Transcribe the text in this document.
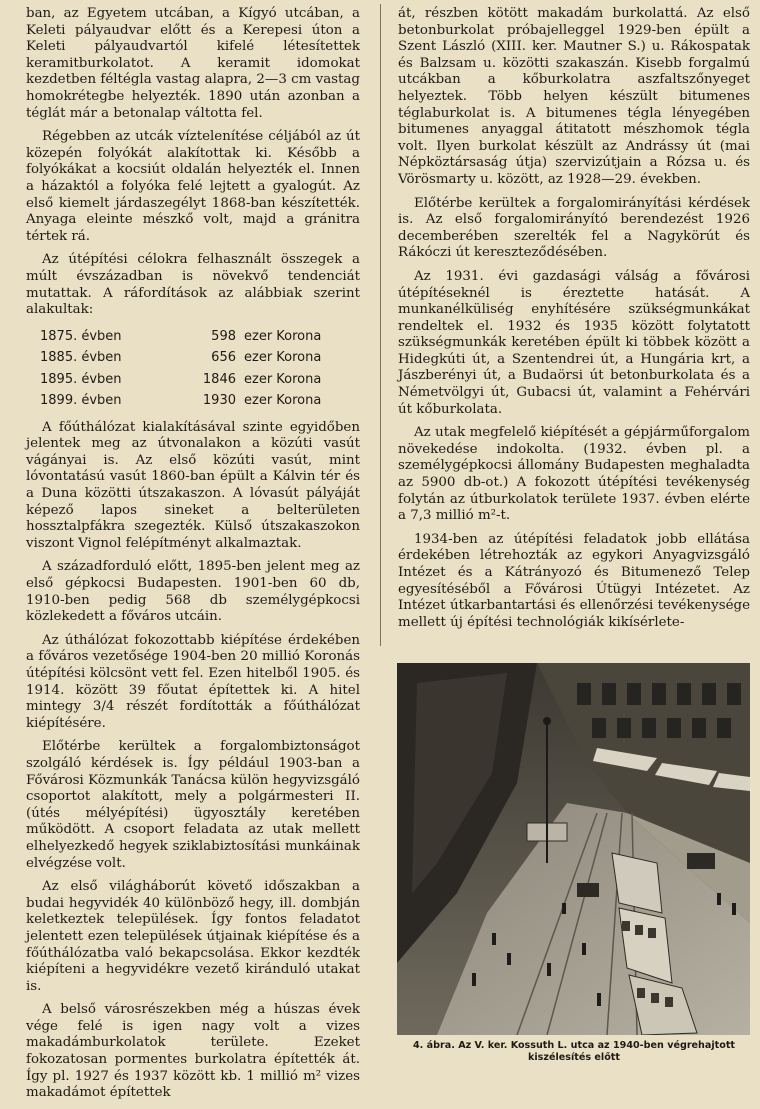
ban, az Egyetem utcában, a Kígyó utcában, a Keleti pályaudvar előtt és a Kerepesi úton a Keleti pályaudvartól kifelé létesítettek keramitburkolatot. A keramit idomokat kezdetben féltégla vastag alapra, 2—3 cm vastag homokrétegbe helyezték. 1890 után azonban a téglát már a betonalap váltotta fel.

Régebben az utcák víztelenítése céljából az út közepén folyókát alakítottak ki. Később a folyókákat a kocsiút oldalán helyezték el. Innen a házaktól a folyóka felé lejtett a gyalogút. Az első kiemelt járdaszegélyt 1868-ban készítették. Anyaga eleinte mészkő volt, majd a gránitra tértek rá.

Az útépítési célokra felhasznált összegek a múlt évszázadban is növekvő tendenciát mutattak. A ráfordítások az alábbiak szerint alakultak:

1875. évben	598	ezer Korona
1885. évben	656	ezer Korona
1895. évben	1846	ezer Korona
1899. évben	1930	ezer Korona

A főúthálózat kialakításával szinte egyidőben jelentek meg az útvonalakon a közúti vasút vágányai is. Az első közúti vasút, mint lóvontatású vasút 1860-ban épült a Kálvin tér és a Duna közötti útszakaszon. A lóvasút pályáját képező lapos sineket a belterületen hossztalpfákra szegezték. Külső útszakaszokon viszont Vignol felépítményt alkalmaztak.

A századforduló előtt, 1895-ben jelent meg az első gépkocsi Budapesten. 1901-ben 60 db, 1910-ben pedig 568 db személygépkocsi közlekedett a főváros utcáin.

Az úthálózat fokozottabb kiépítése érdekében a főváros vezetősége 1904-ben 20 millió Koronás útépítési kölcsönt vett fel. Ezen hitelből 1905. és 1914. között 39 főutat építettek ki. A hitel mintegy 3/4 részét fordították a főúthálózat kiépítésére.

Előtérbe kerültek a forgalombiztonságot szolgáló kérdések is. Így például 1903-ban a Fővárosi Közmunkák Tanácsa külön hegyvizsgáló csoportot alakított, mely a polgármesteri II. (útés mélyépítési) ügyosztály keretében működött. A csoport feladata az utak mellett elhelyezkedő hegyek sziklabiztosítási munkáinak elvégzése volt.

Az első világháborút követő időszakban a budai hegyvidék 40 különböző hegy, ill. dombján keletkeztek települések. Így fontos feladatot jelentett ezen települések útjainak kiépítése és a főúthálózatba való bekapcsolása. Ekkor kezdték kiépíteni a hegyvidékre vezető kiránduló utakat is.

A belső városrészekben még a húszas évek vége felé is igen nagy volt a vizes makadámburkolatok területe. Ezeket fokozatosan pormentes burkolatra építették át. Így pl. 1927 és 1937 között kb. 1 millió m² vizes makadámot építettek

át, részben kötött makadám burkolattá. Az első betonburkolat próbajelleggel 1929-ben épült a Szent László (XIII. ker. Mautner S.) u. Rákospatak és Balzsam u. közötti szakaszán. Kisebb forgalmú utcákban a kőburkolatra aszfaltszőnyeget helyeztek. Több helyen készült bitumenes téglaburkolat is. A bitumenes tégla lényegében bitumenes anyaggal átitatott mészhomok tégla volt. Ilyen burkolat készült az Andrássy út (mai Népköztársaság útja) szervizútjain a Rózsa u. és Vörösmarty u. között, az 1928—29. években.

Előtérbe kerültek a forgalomirányítási kérdések is. Az első forgalomirányító berendezést 1926 decemberében szerelték fel a Nagykörút és Rákóczi út kereszteződésében.

Az 1931. évi gazdasági válság a fővárosi útépítéseknél is éreztette hatását. A munkanélküliség enyhítésére szükségmunkákat rendeltek el. 1932 és 1935 között folytatott szükségmunkák keretében épült ki többek között a Hidegkúti út, a Szentendrei út, a Hungária krt, a Jászberényi út, a Budaörsi út betonburkolata és a Németvölgyi út, Gubacsi út, valamint a Fehérvári út kőburkolata.

Az utak megfelelő kiépítését a gépjárműforgalom növekedése indokolta. (1932. évben pl. a személygépkocsi állomány Budapesten meghaladta az 5900 db-ot.) A fokozott útépítési tevékenység folytán az útburkolatok területe 1937. évben elérte a 7,3 millió m²-t.

1934-ben az útépítési feladatok jobb ellátása érdekében létrehozták az egykori Anyagvizsgáló Intézet és a Kátrányozó és Bitumenező Telep egyesítéséből a Fővárosi Útügyi Intézetet. Az Intézet útkarbantartási és ellenőrzési tevékenysége mellett új építési technológiák kikísérlete-

4. ábra. Az V. ker. Kossuth L. utca az 1940-ben végrehajtott kiszélesítés előtt
